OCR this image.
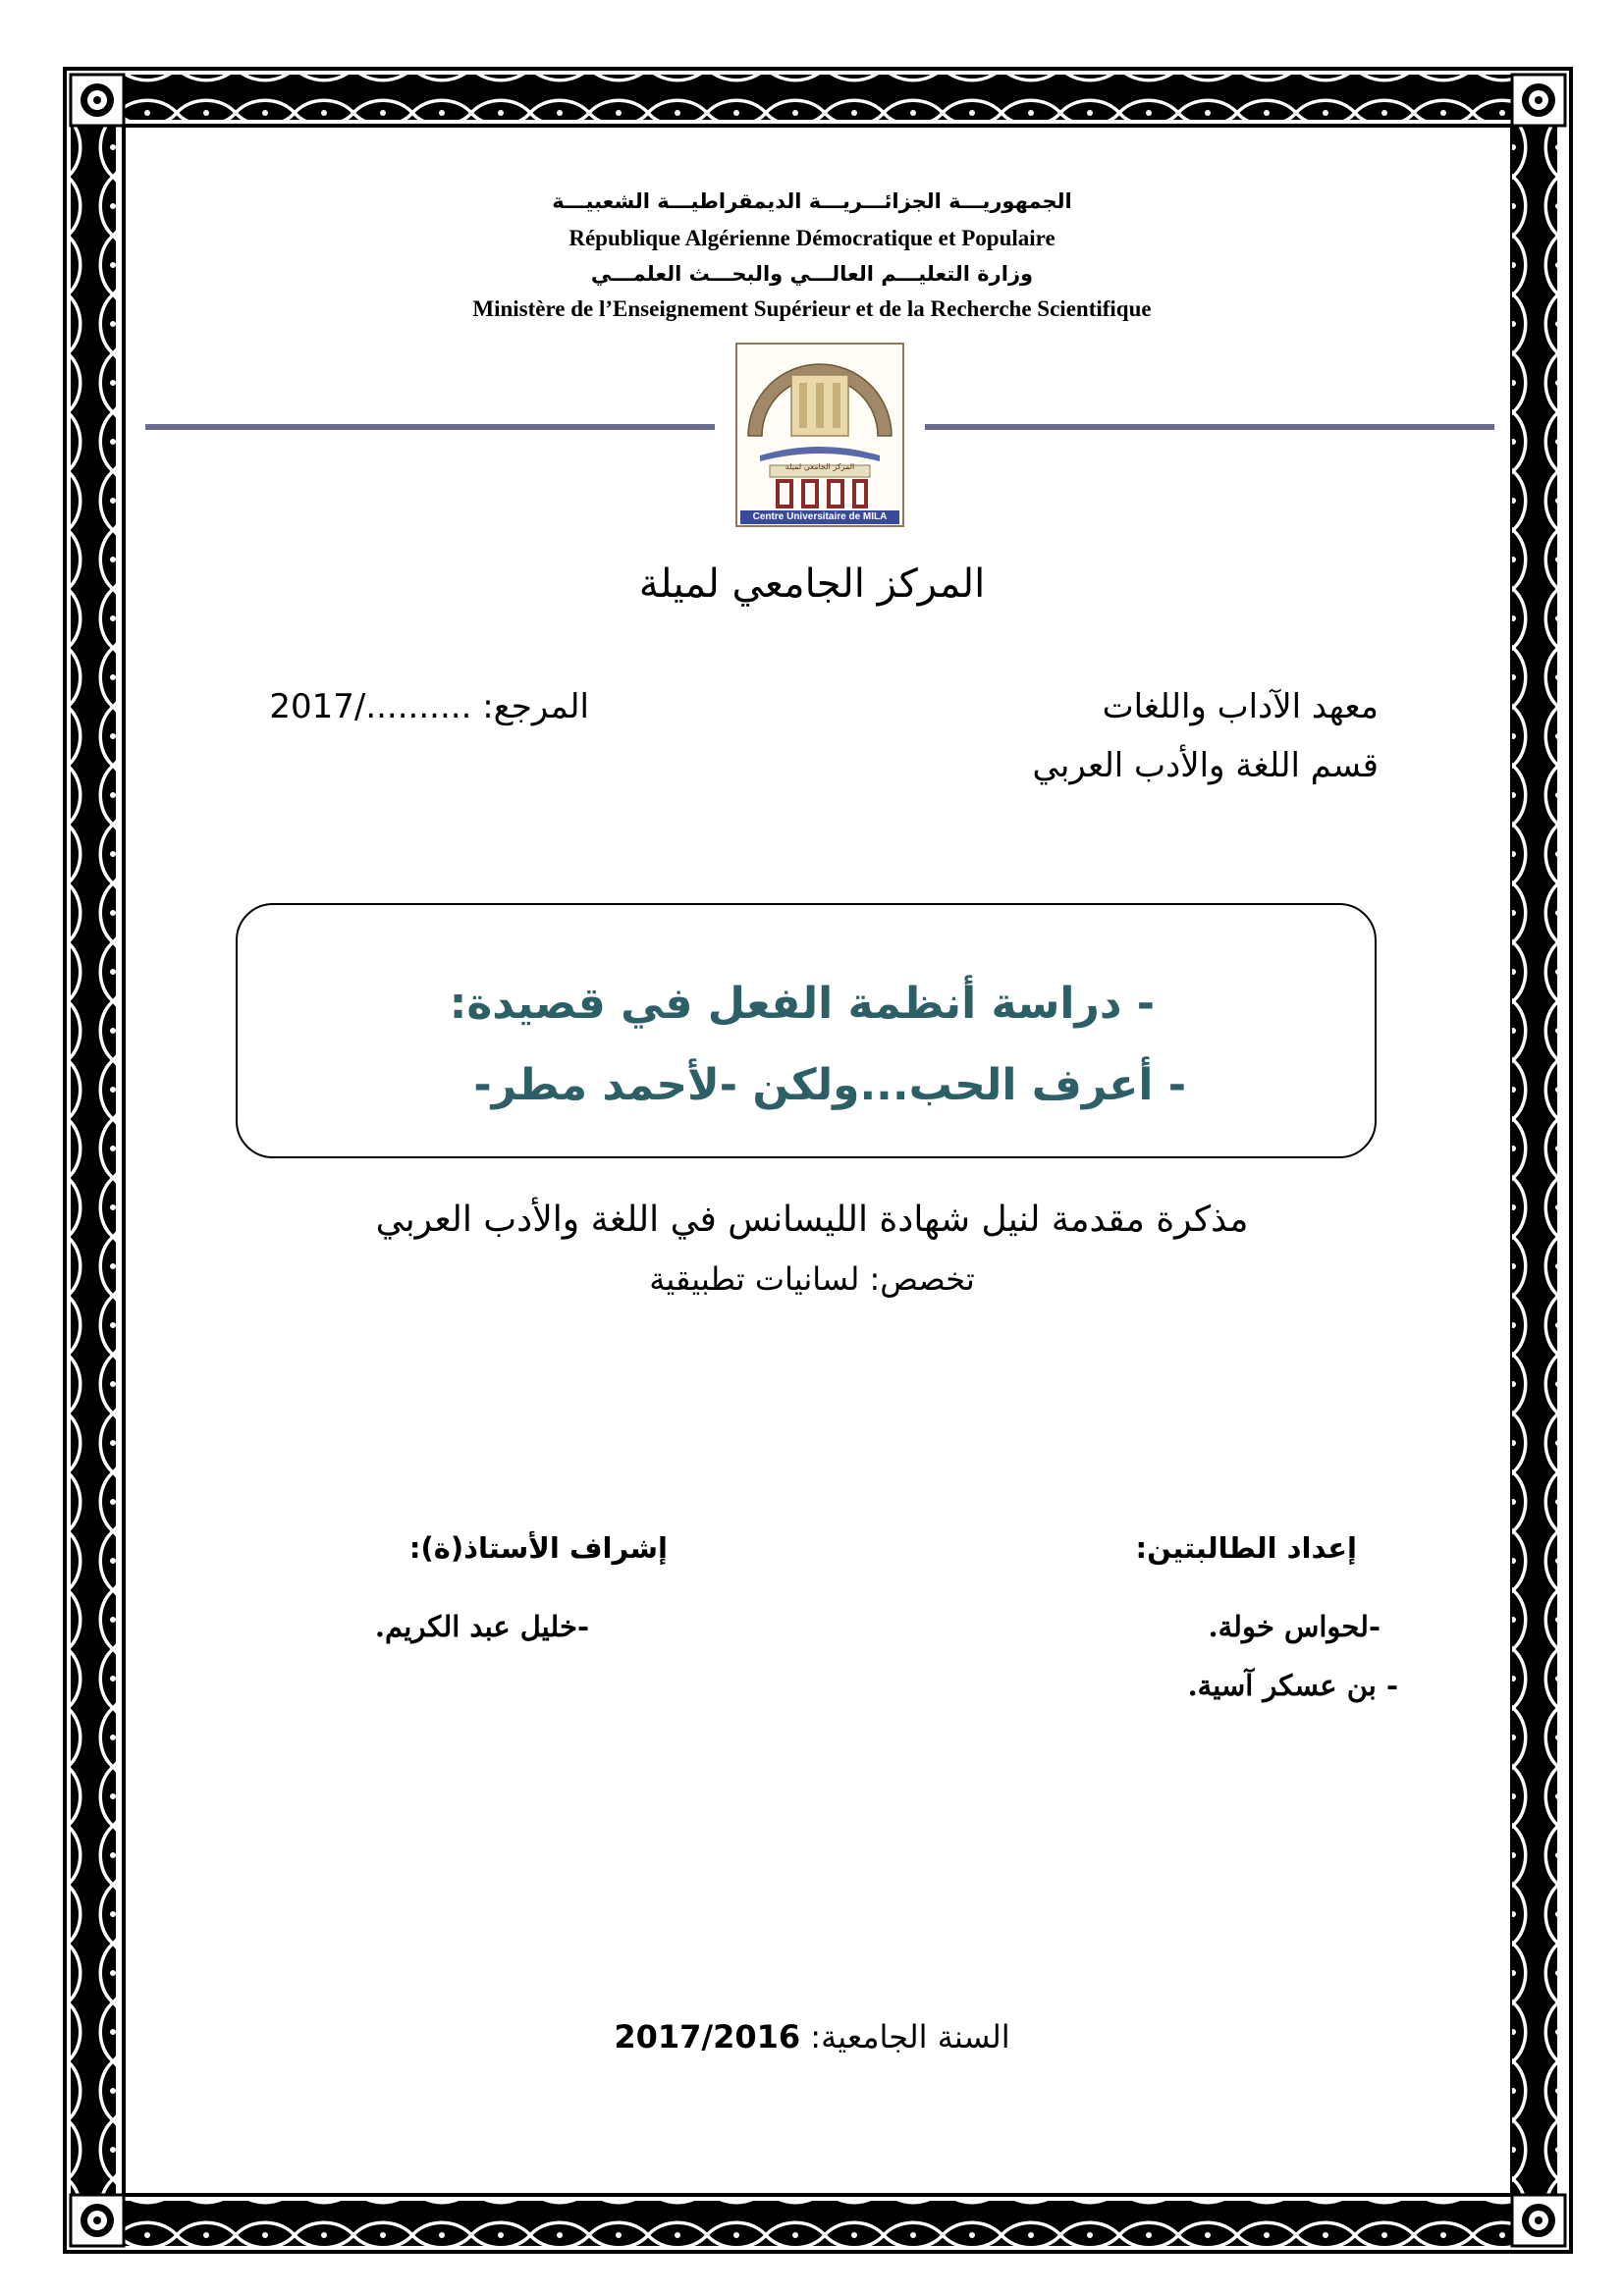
الجمهوريـــة الجزائـــريـــة الديمقراطيـــة الشعبيـــة
République Algérienne Démocratique et Populaire
وزارة التعليـــم العالـــي والبحـــث العلمـــي
Ministère de l’Enseignement Supérieur et de la Recherche Scientifique
المركز الجامعي لميلة
Centre Universitaire de MILA
المركز الجامعي لميلة
معهد الآداب واللغات
قسم اللغة والأدب العربي
المرجع: ........../2017
- دراسة أنظمة الفعل في قصيدة:
- أعرف الحب...ولكن -لأحمد مطر-
مذكرة مقدمة لنيل شهادة الليسانس في اللغة والأدب العربي
تخصص: لسانيات تطبيقية
إعداد الطالبتين:
-لحواس خولة.
- بن عسكر آسية.
إشراف الأستاذ(ة):
-خليل عبد الكريم.
السنة الجامعية: 2017/2016
